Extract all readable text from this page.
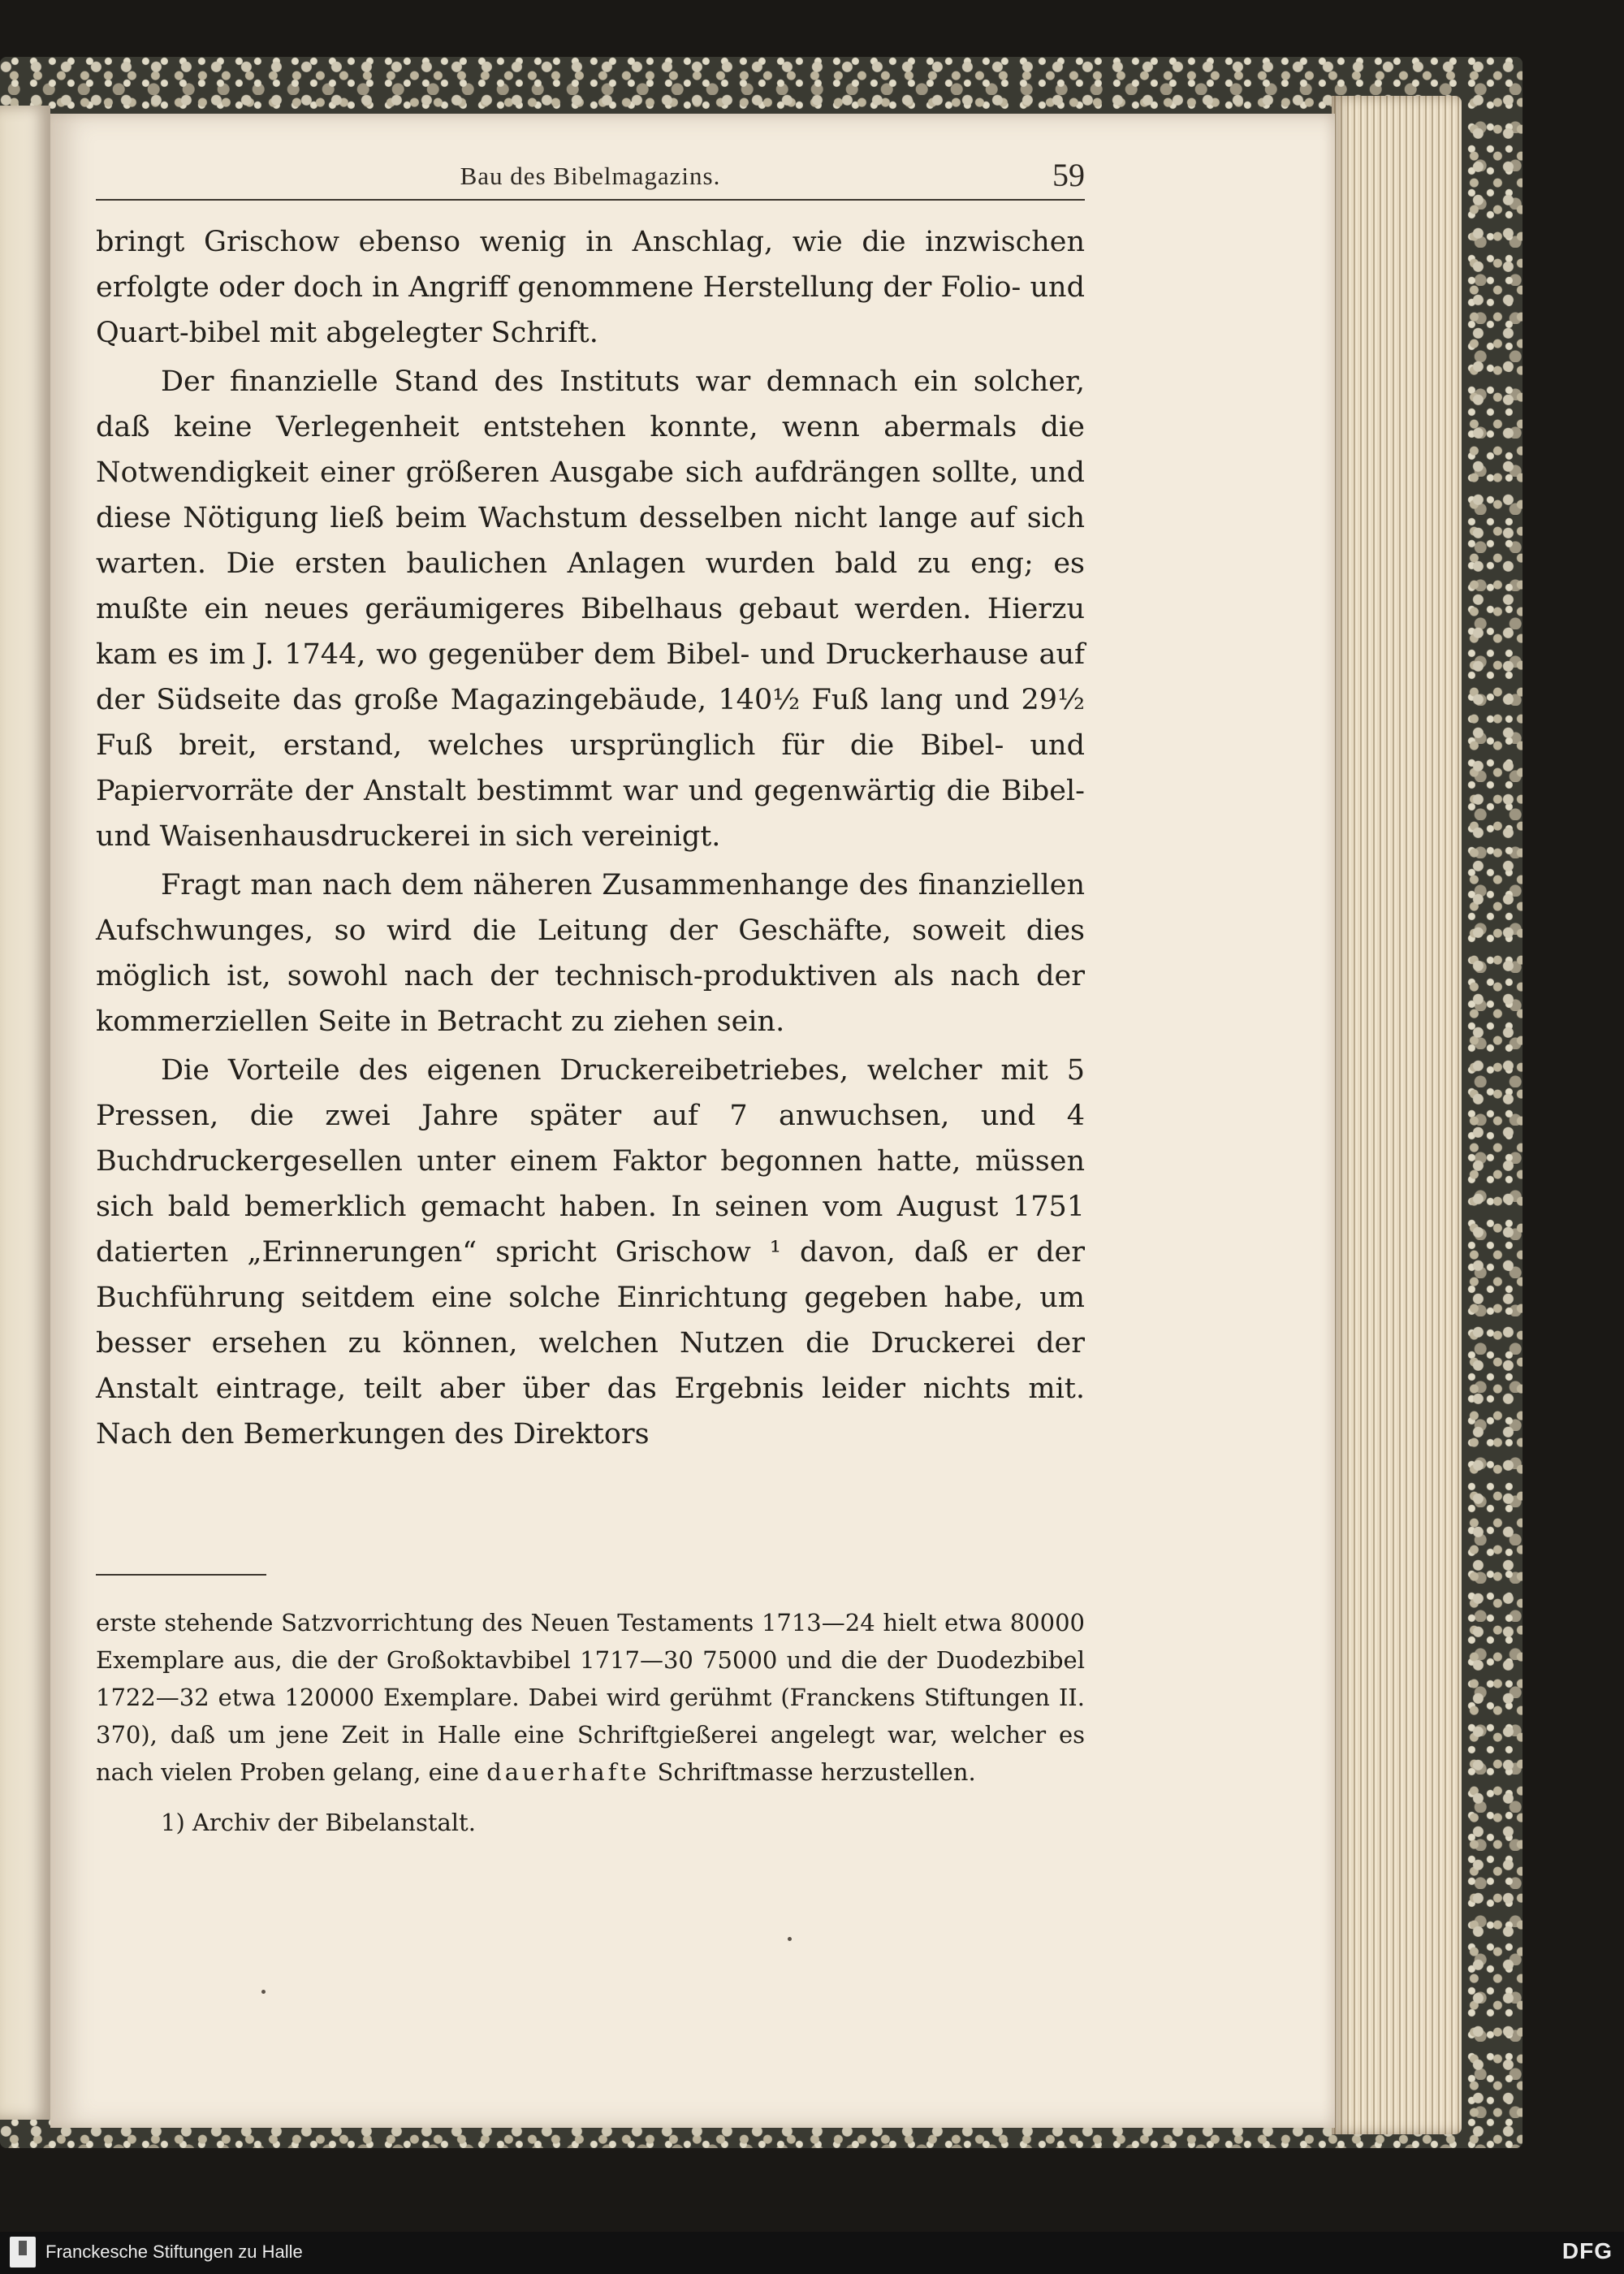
Bau des Bibelmagazins.	59

bringt Grischow ebenso wenig in Anschlag, wie die inzwischen erfolgte oder doch in Angriff genommene Herstellung der Folio- und Quart-bibel mit abgelegter Schrift.

Der finanzielle Stand des Instituts war demnach ein solcher, daß keine Verlegenheit entstehen konnte, wenn abermals die Notwendigkeit einer größeren Ausgabe sich aufdrängen sollte, und diese Nötigung ließ beim Wachstum desselben nicht lange auf sich warten. Die ersten baulichen Anlagen wurden bald zu eng; es mußte ein neues geräumigeres Bibelhaus gebaut werden. Hierzu kam es im J. 1744, wo gegenüber dem Bibel- und Druckerhause auf der Südseite das große Magazingebäude, 140½ Fuß lang und 29½ Fuß breit, erstand, welches ursprünglich für die Bibel- und Papiervorräte der Anstalt bestimmt war und gegenwärtig die Bibel- und Waisenhausdruckerei in sich vereinigt.

Fragt man nach dem näheren Zusammenhange des finanziellen Aufschwunges, so wird die Leitung der Geschäfte, soweit dies möglich ist, sowohl nach der technisch-produktiven als nach der kommerziellen Seite in Betracht zu ziehen sein.

Die Vorteile des eigenen Druckereibetriebes, welcher mit 5 Pressen, die zwei Jahre später auf 7 anwuchsen, und 4 Buchdruckergesellen unter einem Faktor begonnen hatte, müssen sich bald bemerklich gemacht haben. In seinen vom August 1751 datierten „Erinnerungen“ spricht Grischow ¹ davon, daß er der Buchführung seitdem eine solche Einrichtung gegeben habe, um besser ersehen zu können, welchen Nutzen die Druckerei der Anstalt eintrage, teilt aber über das Ergebnis leider nichts mit. Nach den Bemerkungen des Direktors

erste stehende Satzvorrichtung des Neuen Testaments 1713—24 hielt etwa 80000 Exemplare aus, die der Großoktavbibel 1717—30 75000 und die der Duodezbibel 1722—32 etwa 120000 Exemplare. Dabei wird gerühmt (Franckens Stiftungen II. 370), daß um jene Zeit in Halle eine Schriftgießerei angelegt war, welcher es nach vielen Proben gelang, eine dauerhafte Schriftmasse herzustellen.

1) Archiv der Bibelanstalt.

Franckesche Stiftungen zu Halle	DFG
